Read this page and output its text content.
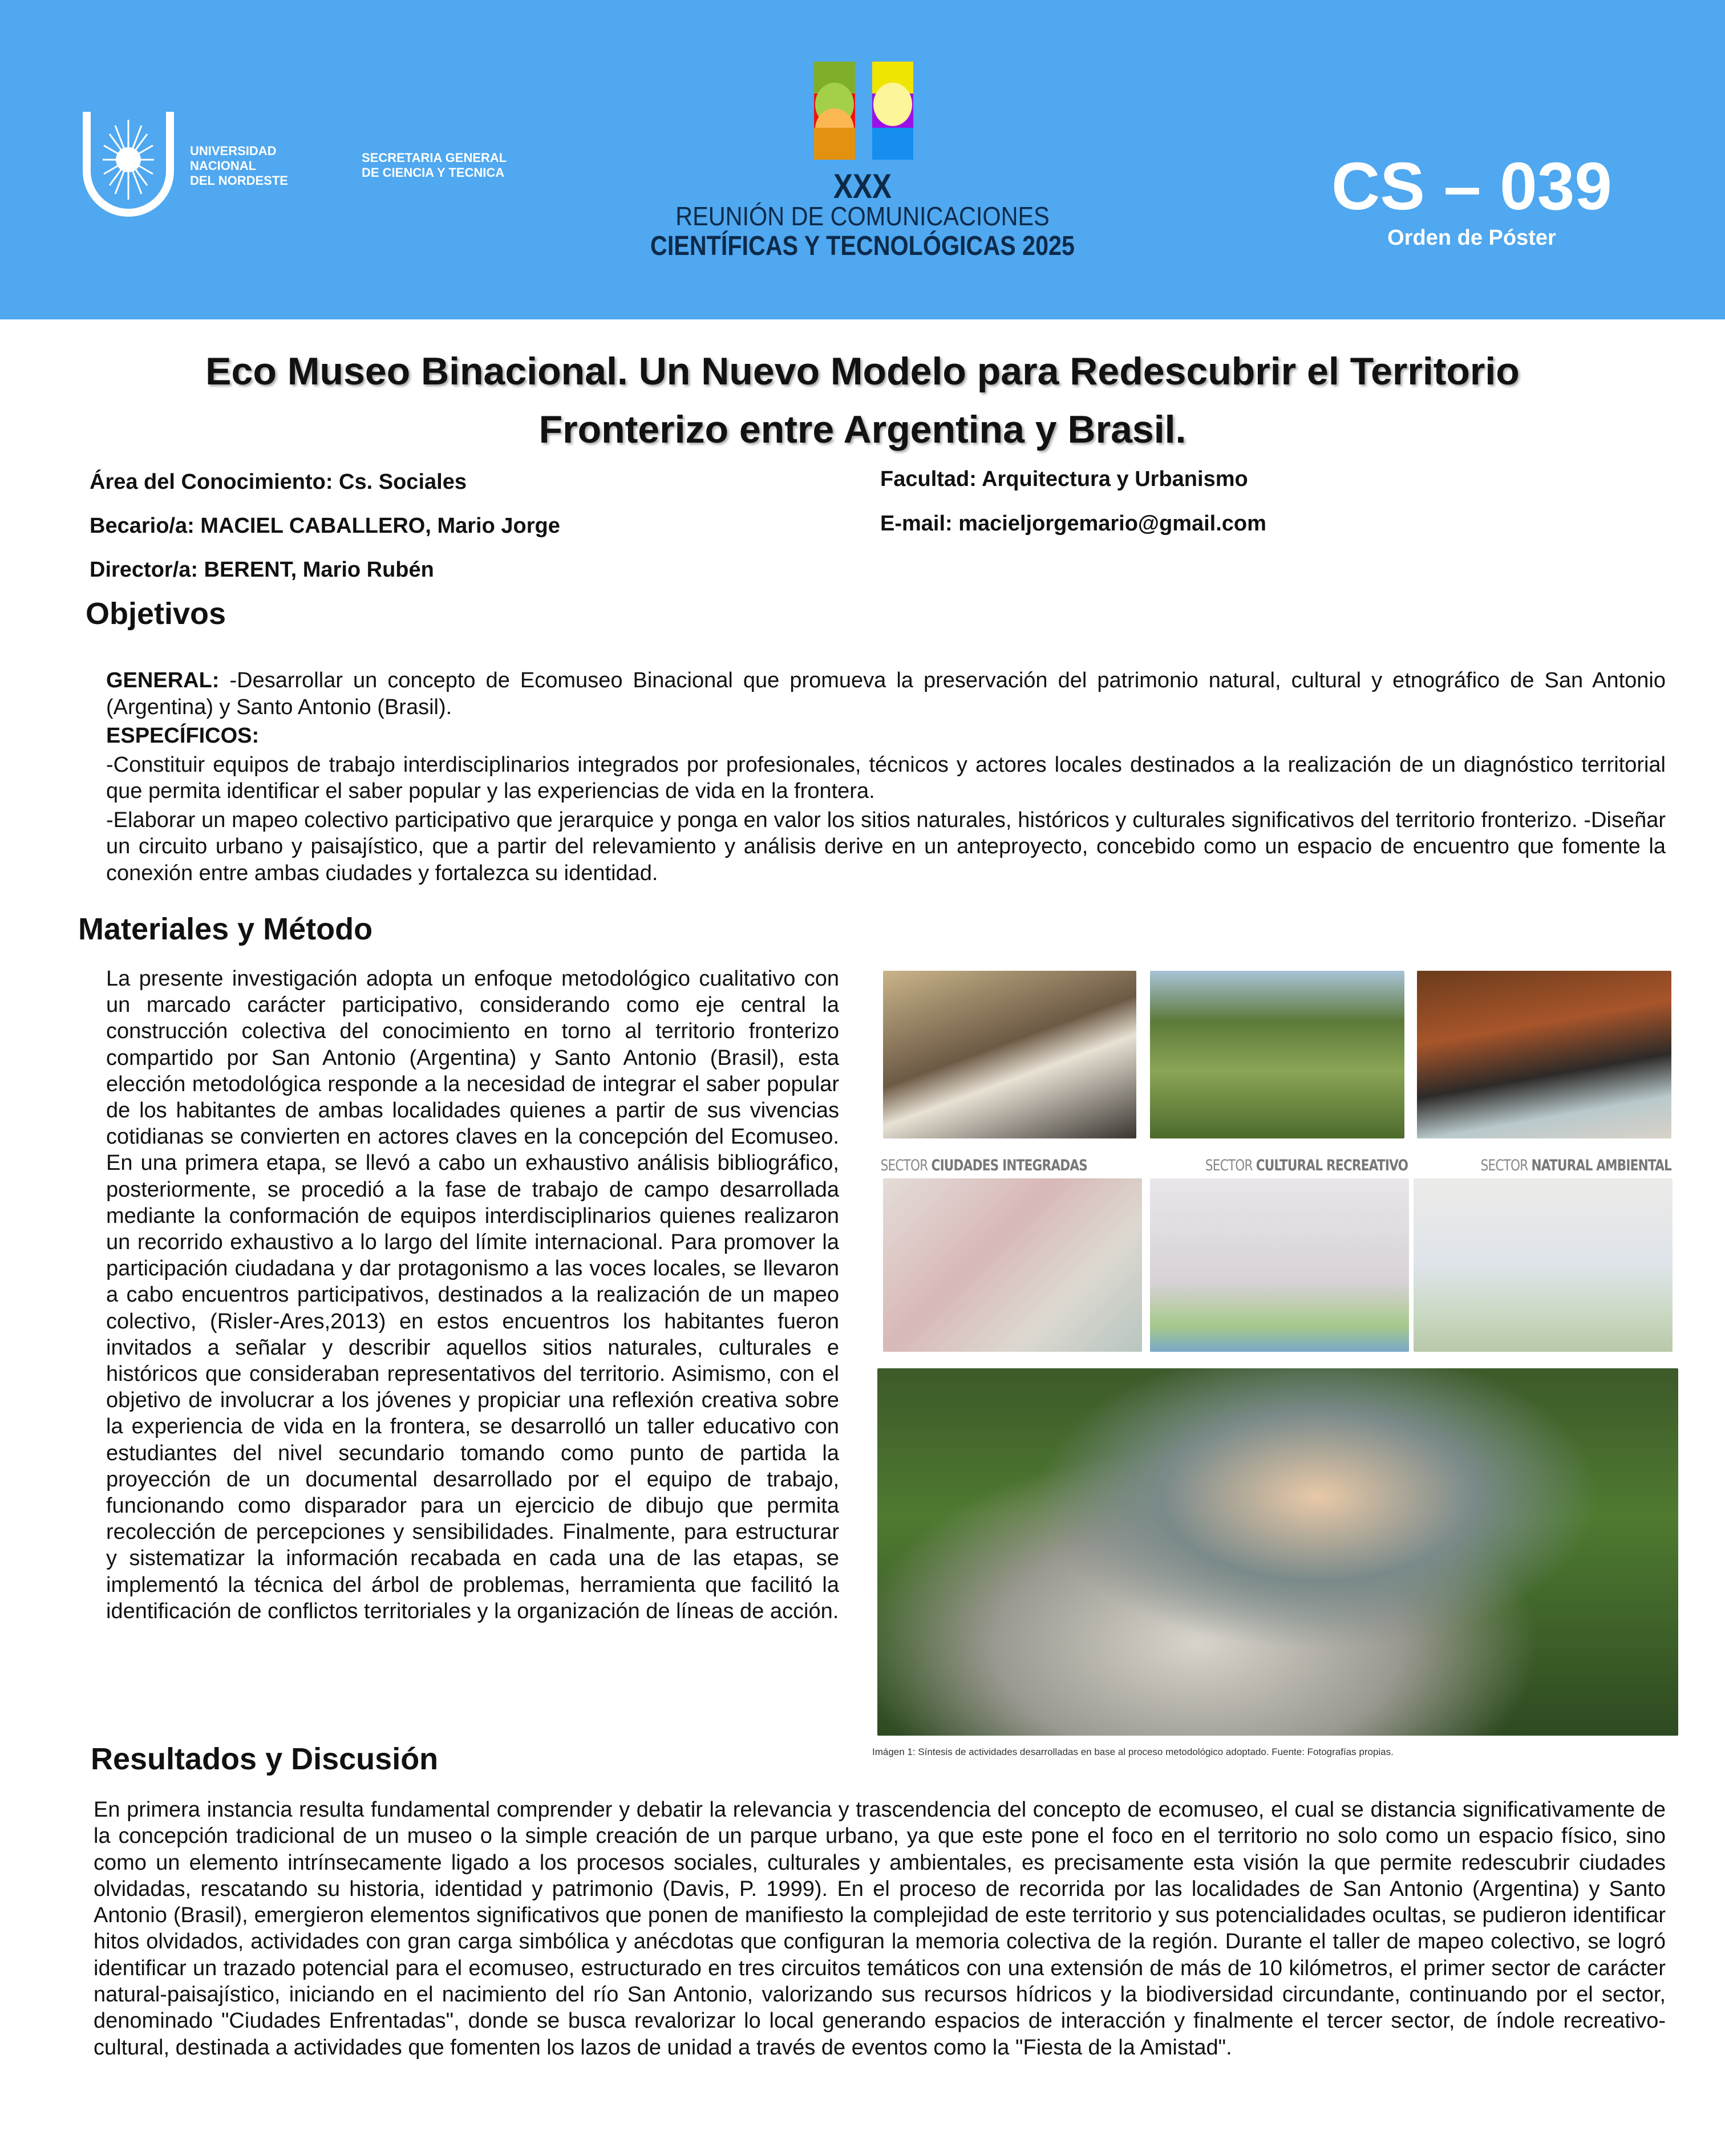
UNIVERSIDAD
NACIONAL
DEL NORDESTE
SECRETARIA GENERAL
DE CIENCIA Y TECNICA	XXX
REUNIÓN DE COMUNICACIONES
CIENTÍFICAS Y TECNOLÓGICAS 2025
CS – 039
Orden de Póster
Eco Museo Binacional. Un Nuevo Modelo para Redescubrir el Territorio
Fronterizo entre Argentina y Brasil.
Área del Conocimiento: Cs. Sociales
Becario/a: MACIEL CABALLERO, Mario Jorge
Director/a: BERENT, Mario Rubén
Facultad: Arquitectura y Urbanismo
E-mail: macieljorgemario@gmail.com
Objetivos

GENERAL: -Desarrollar un concepto de Ecomuseo Binacional que promueva la preservación del patrimonio natural, cultural y etnográfico de San Antonio (Argentina) y Santo Antonio (Brasil).

ESPECÍFICOS:

-Constituir equipos de trabajo interdisciplinarios integrados por profesionales, técnicos y actores locales destinados a la realización de un diagnóstico territorial que permita identificar el saber popular y las experiencias de vida en la frontera.

-Elaborar un mapeo colectivo participativo que jerarquice y ponga en valor los sitios naturales, históricos y culturales significativos del territorio fronterizo. -Diseñar un circuito urbano y paisajístico, que a partir del relevamiento y análisis derive en un anteproyecto, concebido como un espacio de encuentro que fomente la conexión entre ambas ciudades y fortalezca su identidad.

Materiales y Método
La presente investigación adopta un enfoque metodológico cualitativo con un marcado carácter participativo, considerando como eje central la construcción colectiva del conocimiento en torno al territorio fronterizo compartido por San Antonio (Argentina) y Santo Antonio (Brasil), esta elección metodológica responde a la necesidad de integrar el saber popular de los habitantes de ambas localidades quienes a partir de sus vivencias cotidianas se convierten en actores claves en la concepción del Ecomuseo. En una primera etapa, se llevó a cabo un exhaustivo análisis bibliográfico, posteriormente, se procedió a la fase de trabajo de campo desarrollada mediante la conformación de equipos interdisciplinarios quienes realizaron un recorrido exhaustivo a lo largo del límite internacional. Para promover la participación ciudadana y dar protagonismo a las voces locales, se llevaron a cabo encuentros participativos, destinados a la realización de un mapeo colectivo, (Risler-Ares,2013) en estos encuentros los habitantes fueron invitados a señalar y describir aquellos sitios naturales, culturales e históricos que consideraban representativos del territorio. Asimismo, con el objetivo de involucrar a los jóvenes y propiciar una reflexión creativa sobre la experiencia de vida en la frontera, se desarrolló un taller educativo con estudiantes del nivel secundario tomando como punto de partida la proyección de un documental desarrollado por el equipo de trabajo, funcionando como disparador para un ejercicio de dibujo que permita recolección de percepciones y sensibilidades. Finalmente, para estructurar y sistematizar la información recabada en cada una de las etapas, se implementó la técnica del árbol de problemas, herramienta que facilitó la identificación de conflictos territoriales y la organización de líneas de acción.
SECTOR CIUDADES INTEGRADAS	SECTOR CULTURAL RECREATIVO	SECTOR NATURAL AMBIENTAL
Imágen 1: Síntesis de actividades desarrolladas en base al proceso metodológico adoptado. Fuente: Fotografías propias.
Resultados y Discusión
En primera instancia resulta fundamental comprender y debatir la relevancia y trascendencia del concepto de ecomuseo, el cual se distancia significativamente de la concepción tradicional de un museo o la simple creación de un parque urbano, ya que este pone el foco en el territorio no solo como un espacio físico, sino como un elemento intrínsecamente ligado a los procesos sociales, culturales y ambientales, es precisamente esta visión la que permite redescubrir ciudades olvidadas, rescatando su historia, identidad y patrimonio (Davis, P. 1999). En el proceso de recorrida por las localidades de San Antonio (Argentina) y Santo Antonio (Brasil), emergieron elementos significativos que ponen de manifiesto la complejidad de este territorio y sus potencialidades ocultas, se pudieron identificar hitos olvidados, actividades con gran carga simbólica y anécdotas que configuran la memoria colectiva de la región. Durante el taller de mapeo colectivo, se logró identificar un trazado potencial para el ecomuseo, estructurado en tres circuitos temáticos con una extensión de más de 10 kilómetros, el primer sector de carácter natural-paisajístico, iniciando en el nacimiento del río San Antonio, valorizando sus recursos hídricos y la biodiversidad circundante, continuando por el sector, denominado "Ciudades Enfrentadas", donde se busca revalorizar lo local generando espacios de interacción y finalmente el tercer sector, de índole recreativo-cultural, destinada a actividades que fomenten los lazos de unidad a través de eventos como la "Fiesta de la Amistad".
